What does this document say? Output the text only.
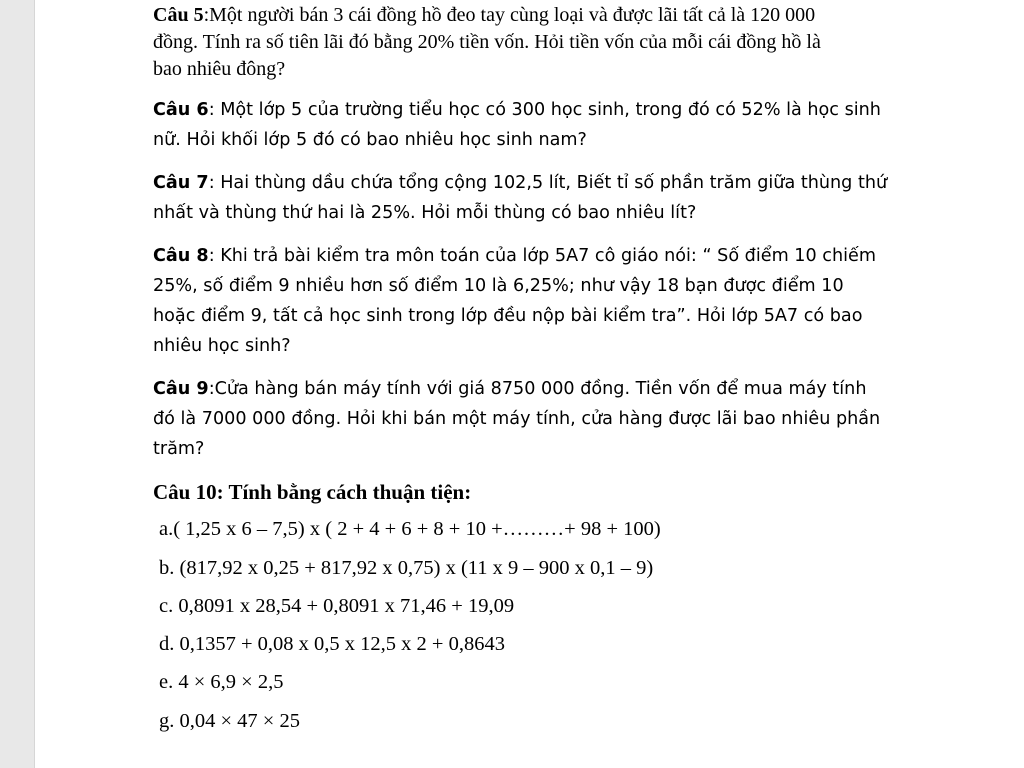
Câu 5:Một người bán 3 cái đồng hồ đeo tay cùng loại và được lãi tất cả là 120 000
đồng. Tính ra số tiên lãi đó bằng 20% tiền vốn. Hỏi tiền vốn của mỗi cái đồng hồ là
bao nhiêu đông?
Câu 6: Một lớp 5 của trường tiểu học có 300 học sinh, trong đó có 52% là học sinh
nữ. Hỏi khối lớp 5 đó có bao nhiêu học sinh nam?
Câu 7: Hai thùng dầu chứa tổng cộng 102,5 lít, Biết tỉ số phần trăm giữa thùng thứ
nhất và thùng thứ hai là 25%. Hỏi mỗi thùng có bao nhiêu lít?
Câu 8: Khi trả bài kiểm tra môn toán của lớp 5A7 cô giáo nói: “ Số điểm 10 chiếm
25%, số điểm 9 nhiều hơn số điểm 10 là 6,25%; như vậy 18 bạn được điểm 10
hoặc điểm 9, tất cả học sinh trong lớp đều nộp bài kiểm tra”. Hỏi lớp 5A7 có bao
nhiêu học sinh?
Câu 9:Cửa hàng bán máy tính với giá 8750 000 đồng. Tiền vốn để mua máy tính
đó là 7000 000 đồng. Hỏi khi bán một máy tính, cửa hàng được lãi bao nhiêu phần
trăm?
Câu 10: Tính bằng cách thuận tiện:
a.( 1,25 x 6 – 7,5) x ( 2 + 4 + 6 + 8 + 10 +………+ 98 + 100)
b. (817,92 x 0,25 + 817,92 x 0,75) x (11 x 9 – 900 x 0,1 – 9)
c. 0,8091 x 28,54 + 0,8091 x 71,46 + 19,09
d. 0,1357 + 0,08 x 0,5 x 12,5 x 2 + 0,8643
e. 4 × 6,9 × 2,5
g. 0,04 × 47 × 25
